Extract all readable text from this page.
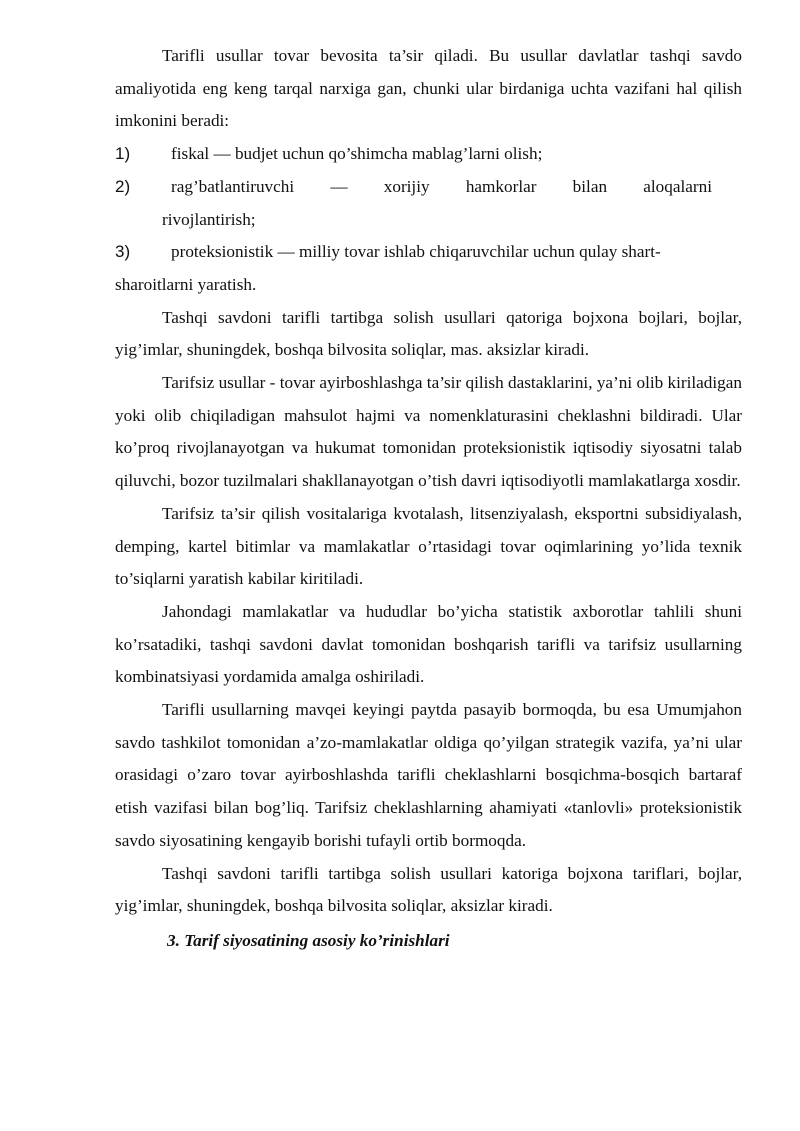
Tarifli usullar tovar bevosita ta’sir qiladi. Bu usullar davlatlar tashqi savdo amaliyotida eng keng tarqal narxiga gan, chunki ular birdaniga uchta vazifani hal qilish imkonini beradi:

1)	fiskal — budjet uchun qo’shimcha mablag’larni olish;
2)	rag’batlantiruvchi — xorijiy hamkorlar bilan aloqalarni
rivojlantirish;
3)	proteksionistik — milliy tovar ishlab chiqaruvchilar uchun qulay shart-
sharoitlarni yaratish.

Tashqi savdoni tarifli tartibga solish usullari qatoriga bojxona bojlari, bojlar, yig’imlar, shuningdek, boshqa bilvosita soliqlar, mas. aksizlar kiradi.

Tarifsiz usullar - tovar ayirboshlashga ta’sir qilish dastaklarini, ya’ni olib kiriladigan yoki olib chiqiladigan mahsulot hajmi va nomenklaturasini cheklashni bildiradi. Ular ko’proq rivojlanayotgan va hukumat tomonidan proteksionistik iqtisodiy siyosatni talab qiluvchi, bozor tuzilmalari shakllanayotgan o’tish davri iqtisodiyotli mamlakatlarga xosdir.

Tarifsiz ta’sir qilish vositalariga kvotalash, litsenziyalash, eksportni subsidiyalash, demping, kartel bitimlar va mamlakatlar o’rtasidagi tovar oqimlarining yo’lida texnik to’siqlarni yaratish kabilar kiritiladi.

Jahondagi mamlakatlar va hududlar bo’yicha statistik axborotlar tahlili shuni ko’rsatadiki, tashqi savdoni davlat tomonidan boshqarish tarifli va tarifsiz usullarning kombinatsiyasi yordamida amalga oshiriladi.

Tarifli usullarning mavqei keyingi paytda pasayib bormoqda, bu esa Umumjahon savdo tashkilot tomonidan a’zo-mamlakatlar oldiga qo’yilgan strategik vazifa, ya’ni ular orasidagi o’zaro tovar ayirboshlashda tarifli cheklashlarni bosqichma-bosqich bartaraf etish vazifasi bilan bog’liq. Tarifsiz cheklashlarning ahamiyati «tanlovli» proteksionistik savdo siyosatining kengayib borishi tufayli ortib bormoqda.

Tashqi savdoni tarifli tartibga solish usullari katoriga bojxona tariflari, bojlar, yig’imlar, shuningdek, boshqa bilvosita soliqlar, aksizlar kiradi.

3. Tarif siyosatining asosiy ko’rinishlari
